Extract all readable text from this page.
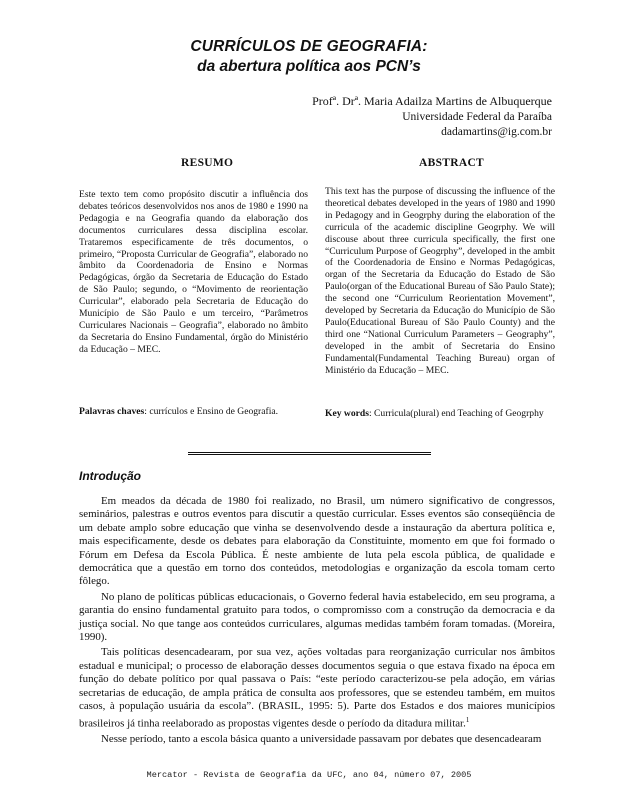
CURRÍCULOS DE GEOGRAFIA:
da abertura política aos PCN’s
Profª. Drª. Maria Adailza Martins de Albuquerque
Universidade Federal da Paraíba
dadamartins@ig.com.br
RESUMO	ABSTRACT
Este texto tem como propósito discutir a influência dos debates teóricos desenvolvidos nos anos de 1980 e 1990 na Pedagogia e na Geografia quando da elaboração dos documentos curriculares dessa disciplina escolar. Trataremos especificamente de três documentos, o primeiro, “Proposta Curricular de Geografia”, elaborado no âmbito da Coordenadoria de Ensino e Normas Pedagógicas, órgão da Secretaria de Educação do Estado de São Paulo; segundo, o “Movimento de reorientação Curricular”, elaborado pela Secretaria de Educação do Município de São Paulo e um terceiro, “Parâmetros Curriculares Nacionais – Geografia”, elaborado no âmbito da Secretaria do Ensino Fundamental, órgão do Ministério da Educação – MEC.
This text has the purpose of discussing the influence of the theoretical debates developed in the years of 1980 and 1990 in Pedagogy and in Geogrphy during the elaboration of the curricula of the academic discipline Geogrphy. We will discouse about three curricula specifically, the first one “Curriculum Purpose of Geogrphy”, developed in the ambit of the Coordenadoria de Ensino e Normas Pedagógicas, organ of the Secretaria da Educação do Estado de São Paulo(organ of the Educational Bureau of São Paulo State); the second one “Curriculum Reorientation Movement”, developed by Secretaria da Educação do Município de São Paulo(Educational Bureau of São Paulo County) and the third one “National Curriculum Parameters – Geography”, developed in the ambit of Secretaria do Ensino Fundamental(Fundamental Teaching Bureau) organ of Ministério da Educação – MEC.
Palavras chaves: currículos e Ensino de Geografia.	Key words: Curricula(plural) end Teaching of Geogrphy
Introdução

Em meados da década de 1980 foi realizado, no Brasil, um número significativo de congressos, seminários, palestras e outros eventos para discutir a questão curricular. Esses eventos são conseqüência de um debate amplo sobre educação que vinha se desenvolvendo desde a instauração da abertura política e, mais especificamente, desde os debates para elaboração da Constituinte, momento em que foi formado o Fórum em Defesa da Escola Pública. É neste ambiente de luta pela escola pública, de qualidade e democrática que a questão em torno dos conteúdos, metodologias e organização da escola tomam certo fôlego.

No plano de políticas públicas educacionais, o Governo federal havia estabelecido, em seu programa, a garantia do ensino fundamental gratuito para todos, o compromisso com a construção da democracia e da justiça social. No que tange aos conteúdos curriculares, algumas medidas também foram tomadas. (Moreira, 1990).

Tais políticas desencadearam, por sua vez, ações voltadas para reorganização curricular nos âmbitos estadual e municipal; o processo de elaboração desses documentos seguia o que estava fixado na época em função do debate político por qual passava o País: “este período caracterizou-se pela adoção, em várias secretarias de educação, de ampla prática de consulta aos professores, que se estendeu também, em muitos casos, à população usuária da escola”. (BRASIL, 1995: 5). Parte dos Estados e dos maiores municípios brasileiros já tinha reelaborado as propostas vigentes desde o período da ditadura militar.$^1$

Nesse período, tanto a escola básica quanto a universidade passavam por debates que desencadearam

Mercator - Revista de Geografia da UFC, ano 04, número 07, 2005
